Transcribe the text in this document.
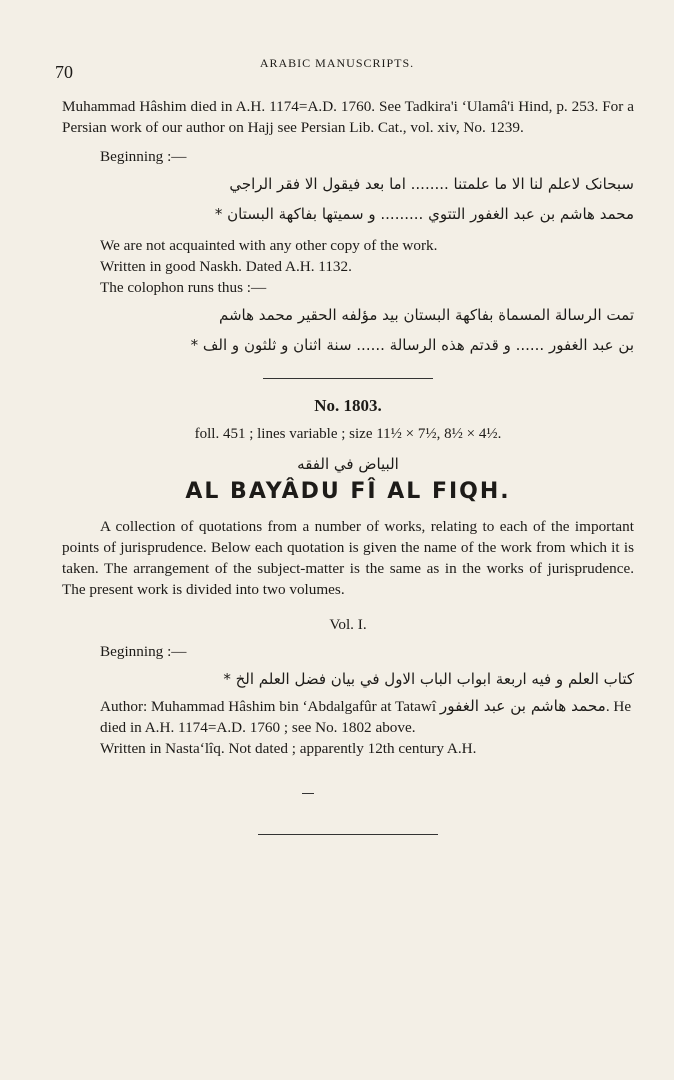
70	ARABIC MANUSCRIPTS.

Muhammad Hâshim died in A.H. 1174=A.D. 1760. See Tadkira'i ‘Ulamâ'i Hind, p. 253. For a Persian work of our author on Hajj see Persian Lib. Cat., vol. xiv, No. 1239.

Beginning :—

سبحانک لاعلم لنا الا ما علمتنا ........ اما بعد فيقول الا فقر الراجي

محمد هاشم بن عبد الغفور التتوي ......... و سميتها بفاكهة البستان *

We are not acquainted with any other copy of the work.

Written in good Naskh. Dated A.H. 1132.

The colophon runs thus :—

تمت الرسالة المسماة بفاكهة البستان بيد مؤلفه الحقير محمد هاشم

بن عبد الغفور ...... و قدتم هذه الرسالة ...... سنة اثنان و ثلثون و الف *

No. 1803.

foll. 451 ; lines variable ; size 11½ × 7½, 8½ × 4½.

البياض في الفقه

AL BAYÂDU FÎ AL FIQH.

A collection of quotations from a number of works, relating to each of the important points of jurisprudence. Below each quotation is given the name of the work from which it is taken. The arrangement of the subject-matter is the same as in the works of jurisprudence. The present work is divided into two volumes.

Vol. I.

Beginning :—

كتاب العلم و فيه اربعة ابواب الباب الاول في بيان فضل العلم الخ *

Author: Muhammad Hâshim bin ‘Abdalgafûr at Tatawî محمد هاشم بن عبد الغفور. He died in A.H. 1174=A.D. 1760 ; see No. 1802 above.

Written in Nasta‘lîq. Not dated ; apparently 12th century A.H.
